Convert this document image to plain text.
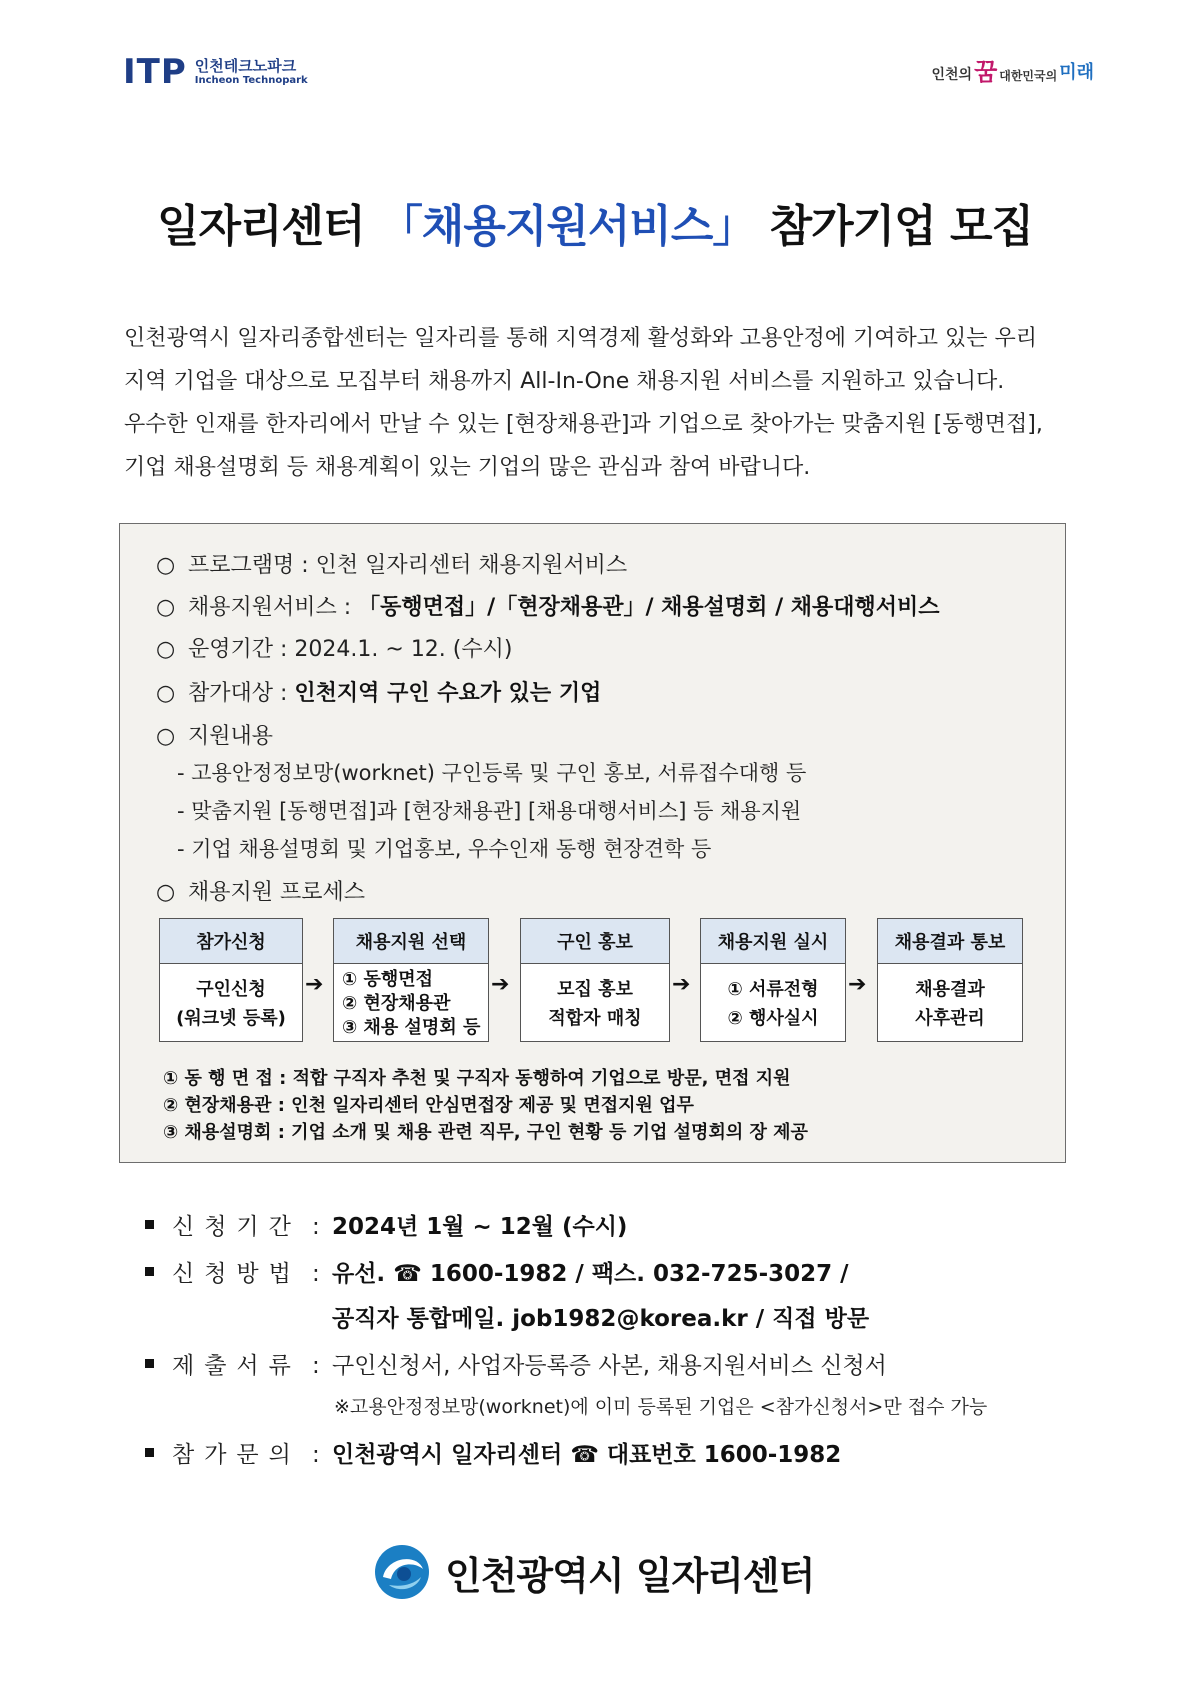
ITP 인천테크노파크
Incheon Technopark	인천의 꿈 대한민국의 미래
일자리센터 「채용지원서비스」 참가기업 모집

인천광역시 일자리종합센터는 일자리를 통해 지역경제 활성화와 고용안정에 기여하고 있는 우리

지역 기업을 대상으로 모집부터 채용까지 All-In-One 채용지원 서비스를 지원하고 있습니다.

우수한 인재를 한자리에서 만날 수 있는 [현장채용관]과 기업으로 찾아가는 맞춤지원 [동행면접],

기업 채용설명회 등 채용계획이 있는 기업의 많은 관심과 참여 바랍니다.

○ 프로그램명 : 인천 일자리센터 채용지원서비스
○ 채용지원서비스 : 「동행면접」/「현장채용관」/ 채용설명회 / 채용대행서비스
○ 운영기간 : 2024.1. ~ 12. (수시)
○ 참가대상 : 인천지역 구인 수요가 있는 기업
○ 지원내용
- 고용안정정보망(worknet) 구인등록 및 구인 홍보, 서류접수대행 등
- 맞춤지원 [동행면접]과 [현장채용관] [채용대행서비스] 등 채용지원
- 기업 채용설명회 및 기업홍보, 우수인재 동행 현장견학 등
○ 채용지원 프로세스
참가신청
구인신청
(워크넷 등록)
➔
채용지원 선택
① 동행면접
② 현장채용관
③ 채용 설명회 등
➔
구인 홍보
모집 홍보
적합자 매칭
➔
채용지원 실시
① 서류전형
② 행사실시
➔
채용결과 통보
채용결과
사후관리
① 동 행 면 접 : 적합 구직자 추천 및 구직자 동행하여 기업으로 방문, 면접 지원
② 현장채용관 : 인천 일자리센터 안심면접장 제공 및 면접지원 업무
③ 채용설명회 : 기업 소개 및 채용 관련 직무, 구인 현황 등 기업 설명회의 장 제공
신청기간 : 2024년 1월 ~ 12월 (수시)
신청방법 : 유선. ☎ 1600-1982 / 팩스. 032-725-3027 /
공직자 통합메일. job1982@korea.kr / 직접 방문
제출서류 : 구인신청서, 사업자등록증 사본, 채용지원서비스 신청서
※고용안정정보망(worknet)에 이미 등록된 기업은 <참가신청서>만 접수 가능
참가문의 : 인천광역시 일자리센터 ☎ 대표번호 1600-1982
인천광역시 일자리센터
